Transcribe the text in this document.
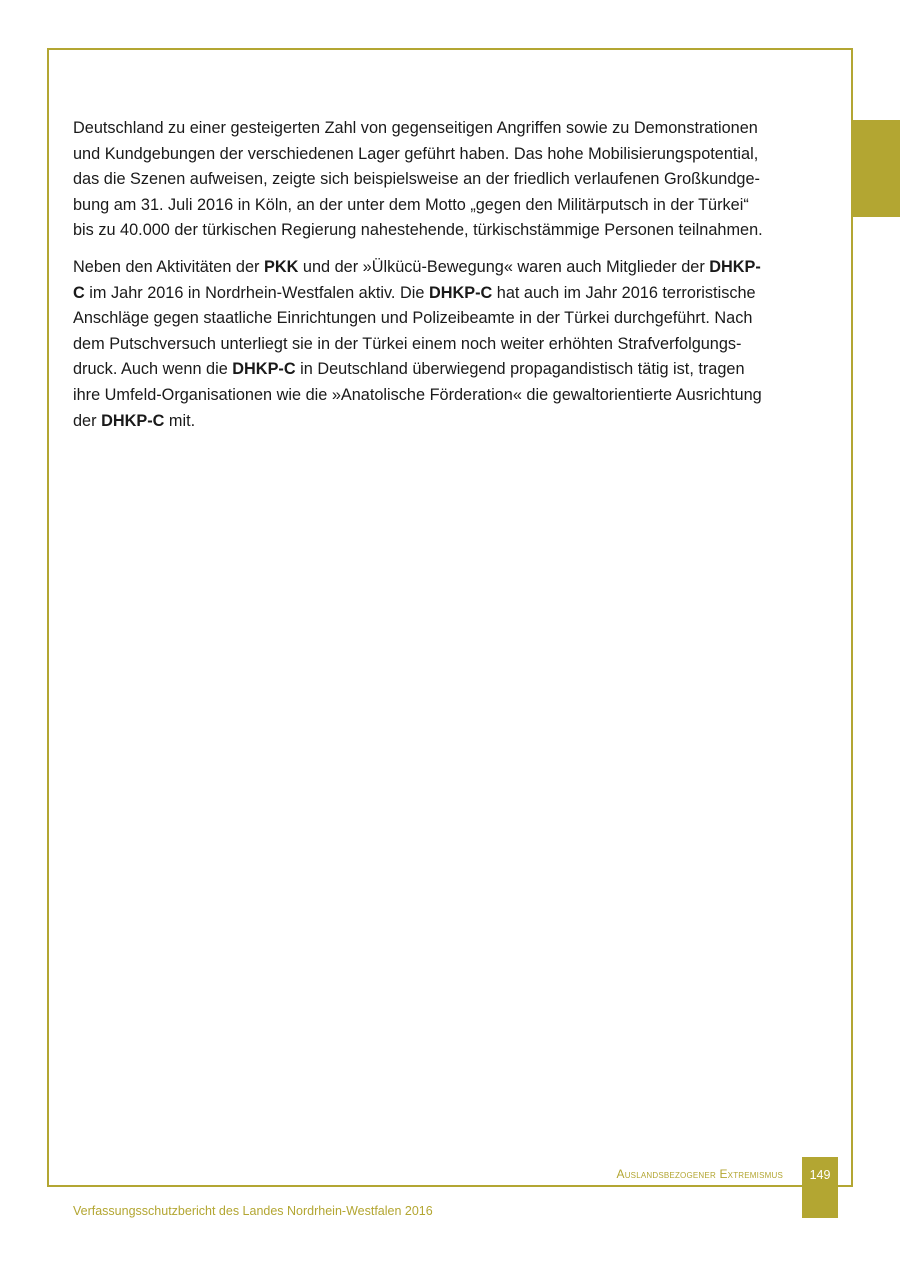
Deutschland zu einer gesteigerten Zahl von gegenseitigen Angriffen sowie zu Demonstrationen
und Kundgebungen der verschiedenen Lager geführt haben. Das hohe Mobilisierungspotential,
das die Szenen aufweisen, zeigte sich beispielsweise an der friedlich verlaufenen Großkundge-
bung am 31. Juli 2016 in Köln, an der unter dem Motto „gegen den Militärputsch in der Türkei“
bis zu 40.000 der türkischen Regierung nahestehende, türkischstämmige Personen teilnahmen.

Neben den Aktivitäten der PKK und der »Ülkücü-Bewegung« waren auch Mitglieder der DHKP-
C im Jahr 2016 in Nordrhein-Westfalen aktiv. Die DHKP-C hat auch im Jahr 2016 terroristische
Anschläge gegen staatliche Einrichtungen und Polizeibeamte in der Türkei durchgeführt. Nach
dem Putschversuch unterliegt sie in der Türkei einem noch weiter erhöhten Strafverfolgungs-
druck. Auch wenn die DHKP-C in Deutschland überwiegend propagandistisch tätig ist, tragen
ihre Umfeld-Organisationen wie die »Anatolische Förderation« die gewaltorientierte Ausrichtung
der DHKP-C mit.

Auslandsbezogener Extremismus	149
Verfassungsschutzbericht des Landes Nordrhein-Westfalen 2016
